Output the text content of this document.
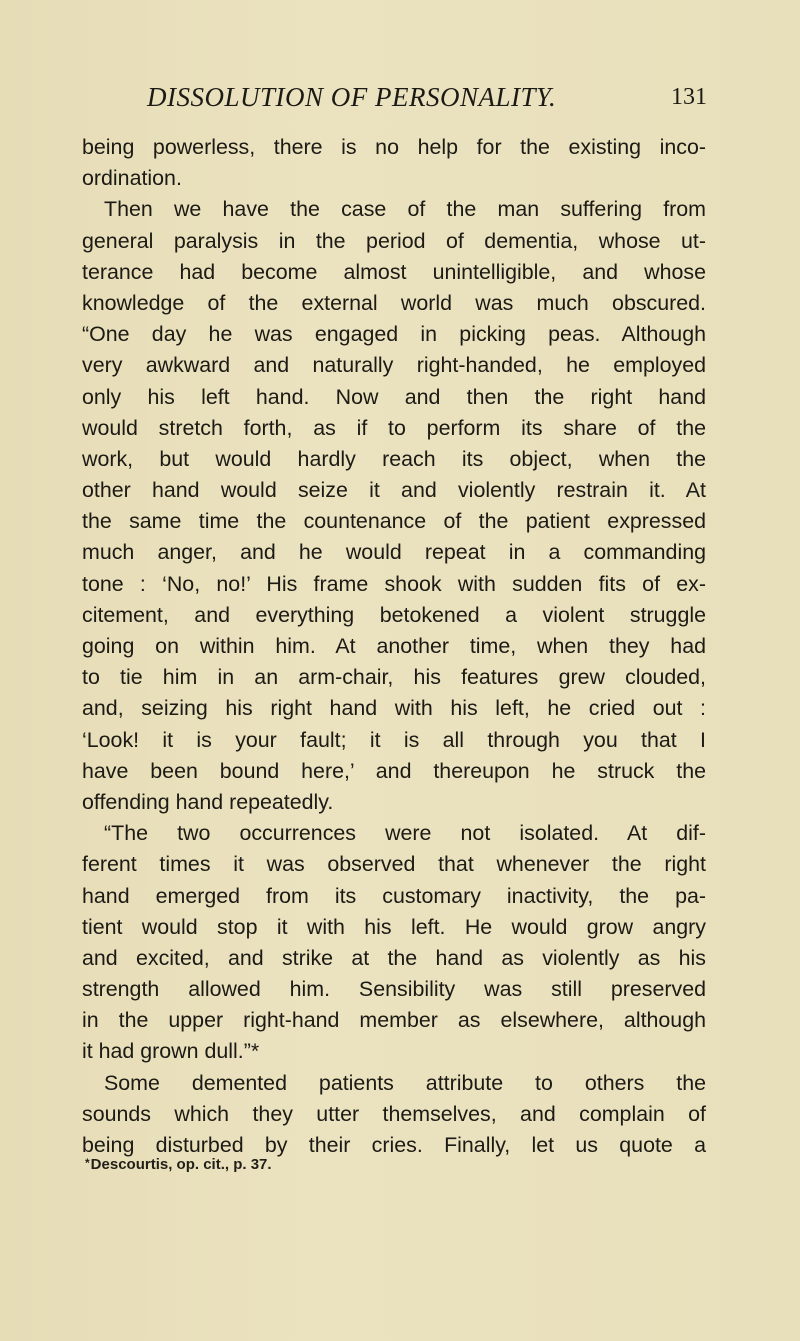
DISSOLUTION OF PERSONALITY.	131
being powerless, there is no help for the existing inco-
ordination.
Then we have the case of the man suffering from
general paralysis in the period of dementia, whose ut-
terance had become almost unintelligible, and whose
knowledge of the external world was much obscured.
“One day he was engaged in picking peas. Although
very awkward and naturally right-handed, he employed
only his left hand. Now and then the right hand
would stretch forth, as if to perform its share of the
work, but would hardly reach its object, when the
other hand would seize it and violently restrain it. At
the same time the countenance of the patient expressed
much anger, and he would repeat in a commanding
tone : ‘No, no!’ His frame shook with sudden fits of ex-
citement, and everything betokened a violent struggle
going on within him. At another time, when they had
to tie him in an arm-chair, his features grew clouded,
and, seizing his right hand with his left, he cried out :
‘Look! it is your fault; it is all through you that I
have been bound here,’ and thereupon he struck the
offending hand repeatedly.
“The two occurrences were not isolated. At dif-
ferent times it was observed that whenever the right
hand emerged from its customary inactivity, the pa-
tient would stop it with his left. He would grow angry
and excited, and strike at the hand as violently as his
strength allowed him. Sensibility was still preserved
in the upper right-hand member as elsewhere, although
it had grown dull.”*
Some demented patients attribute to others the
sounds which they utter themselves, and complain of
being disturbed by their cries. Finally, let us quote a
*Descourtis, op. cit., p. 37.
